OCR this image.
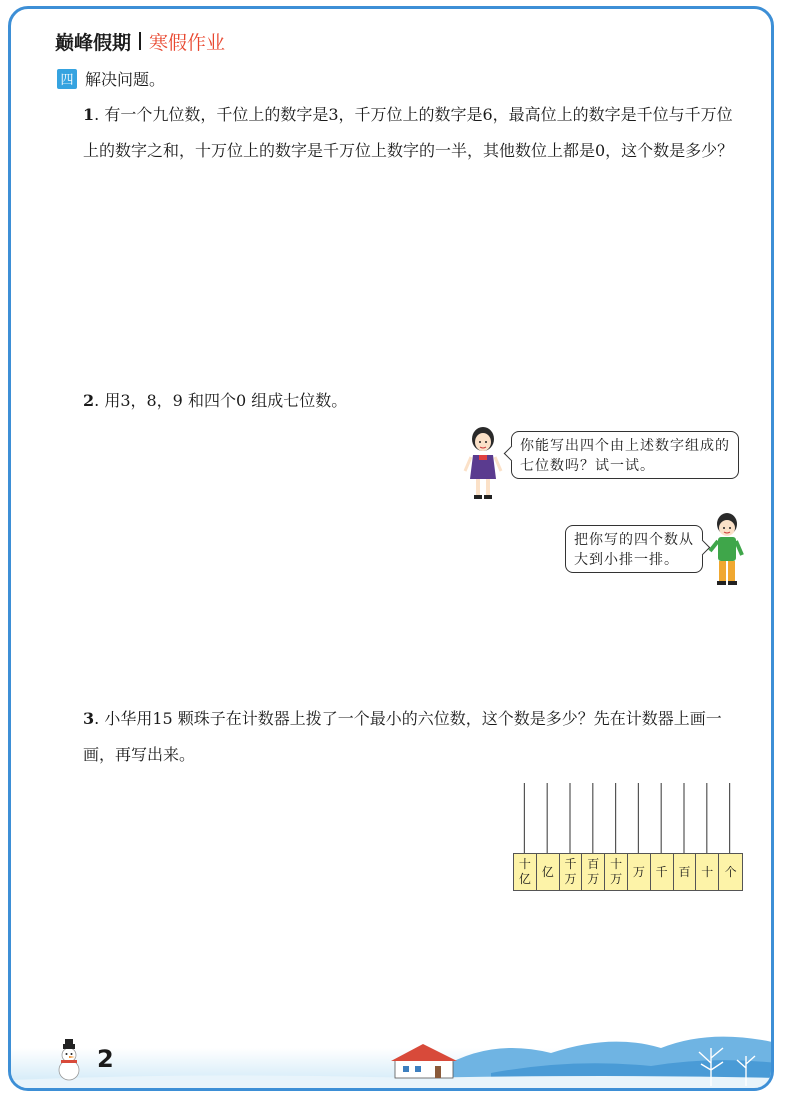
巅峰假期 寒假作业
四 解决问题。
1. 有一个九位数，千位上的数字是3，千万位上的数字是6，最高位上的数字是千位与千万位上的数字之和，十万位上的数字是千万位上数字的一半，其他数位上都是0，这个数是多少？
2. 用3，8，9 和四个0 组成七位数。
你能写出四个由上述数字组成的七位数吗？试一试。
把你写的四个数从大到小排一排。
3. 小华用15 颗珠子在计数器上拨了一个最小的六位数，这个数是多少？先在计数器上画一画，再写出来。
十
亿
亿
千
万
百
万
十
万
万 千 百 十 个
2
